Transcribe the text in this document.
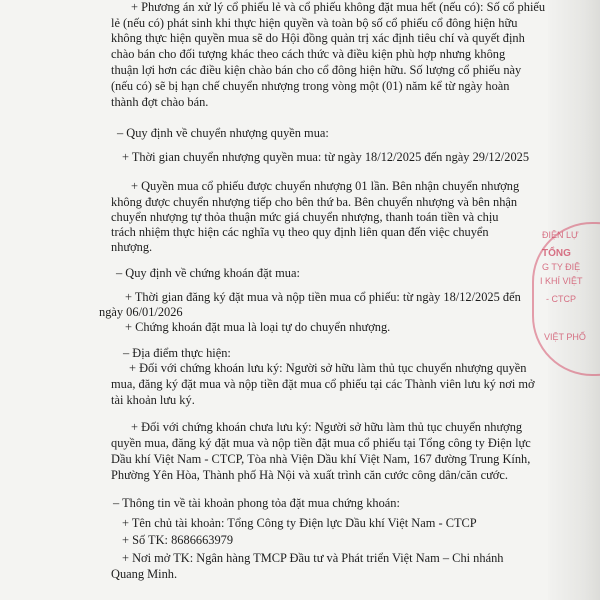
+ Phương án xử lý cổ phiếu lẻ và cổ phiếu không đặt mua hết (nếu có): Số cổ phiếu
lẻ (nếu có) phát sinh khi thực hiện quyền và toàn bộ số cổ phiếu cổ đông hiện hữu
không thực hiện quyền mua sẽ do Hội đồng quản trị xác định tiêu chí và quyết định
chào bán cho đối tượng khác theo cách thức và điều kiện phù hợp nhưng không
thuận lợi hơn các điều kiện chào bán cho cổ đông hiện hữu. Số lượng cổ phiếu này
(nếu có) sẽ bị hạn chế chuyển nhượng trong vòng một (01) năm kể từ ngày hoàn
thành đợt chào bán.
– Quy định về chuyển nhượng quyền mua:
+ Thời gian chuyển nhượng quyền mua: từ ngày 18/12/2025 đến ngày 29/12/2025
+ Quyền mua cổ phiếu được chuyển nhượng 01 lần. Bên nhận chuyển nhượng
không được chuyển nhượng tiếp cho bên thứ ba. Bên chuyển nhượng và bên nhận
chuyển nhượng tự thỏa thuận mức giá chuyển nhượng, thanh toán tiền và chịu
trách nhiệm thực hiện các nghĩa vụ theo quy định liên quan đến việc chuyển
nhượng.
– Quy định về chứng khoán đặt mua:
+ Thời gian đăng ký đặt mua và nộp tiền mua cổ phiếu: từ ngày 18/12/2025 đến
ngày 06/01/2026
+ Chứng khoán đặt mua là loại tự do chuyển nhượng.
– Địa điểm thực hiện:
+ Đối với chứng khoán lưu ký: Người sở hữu làm thủ tục chuyển nhượng quyền
mua, đăng ký đặt mua và nộp tiền đặt mua cổ phiếu tại các Thành viên lưu ký nơi mở
tài khoản lưu ký.
+ Đối với chứng khoán chưa lưu ký: Người sở hữu làm thủ tục chuyển nhượng
quyền mua, đăng ký đặt mua và nộp tiền đặt mua cổ phiếu tại Tổng công ty Điện lực
Dầu khí Việt Nam - CTCP, Tòa nhà Viện Dầu khí Việt Nam, 167 đường Trung Kính,
Phường Yên Hòa, Thành phố Hà Nội và xuất trình căn cước công dân/căn cước.
– Thông tin về tài khoản phong tỏa đặt mua chứng khoán:
+ Tên chủ tài khoản: Tổng Công ty Điện lực Dầu khí Việt Nam - CTCP
+ Số TK: 8686663979
+ Nơi mở TK: Ngân hàng TMCP Đầu tư và Phát triển Việt Nam – Chi nhánh
Quang Minh.
ĐIỆN LỰ
TỔNG
G TY ĐIỆ
I KHÍ VIỆT
- CTCP
VIỆT PHỐ
